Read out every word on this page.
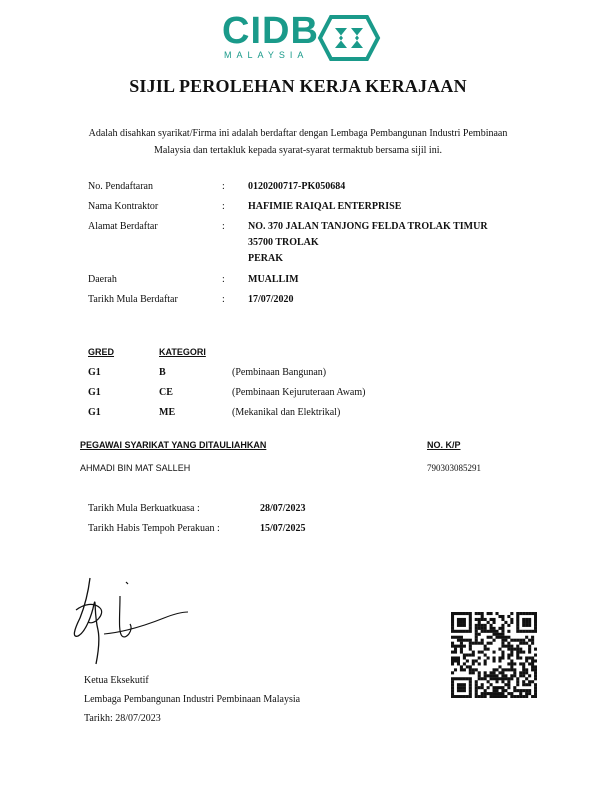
CIDB
MALAYSIA
SIJIL PEROLEHAN KERJA KERAJAAN
Adalah disahkan syarikat/Firma ini adalah berdaftar dengan Lembaga Pembangunan Industri Pembinaan
Malaysia dan tertakluk kepada syarat-syarat termaktub bersama sijil ini.
No. Pendaftaran	: 0120200717-PK050684
Nama Kontraktor	: HAFIMIE RAIQAL ENTERPRISE
Alamat Berdaftar	: NO. 370 JALAN TANJONG FELDA TROLAK TIMUR
35700 TROLAK
PERAK
Daerah	: MUALLIM
Tarikh Mula Berdaftar	: 17/07/2020
GRED	KATEGORI
G1	B	(Pembinaan Bangunan)
G1	CE	(Pembinaan Kejuruteraan Awam)
G1	ME	(Mekanikal dan Elektrikal)
PEGAWAI SYARIKAT YANG DITAULIAHKAN	NO. K/P
AHMADI BIN MAT SALLEH	790303085291
Tarikh Mula Berkuatkuasa :	28/07/2023
Tarikh Habis Tempoh Perakuan :	15/07/2025
Ketua Eksekutif
Lembaga Pembangunan Industri Pembinaan Malaysia
Tarikh: 28/07/2023
